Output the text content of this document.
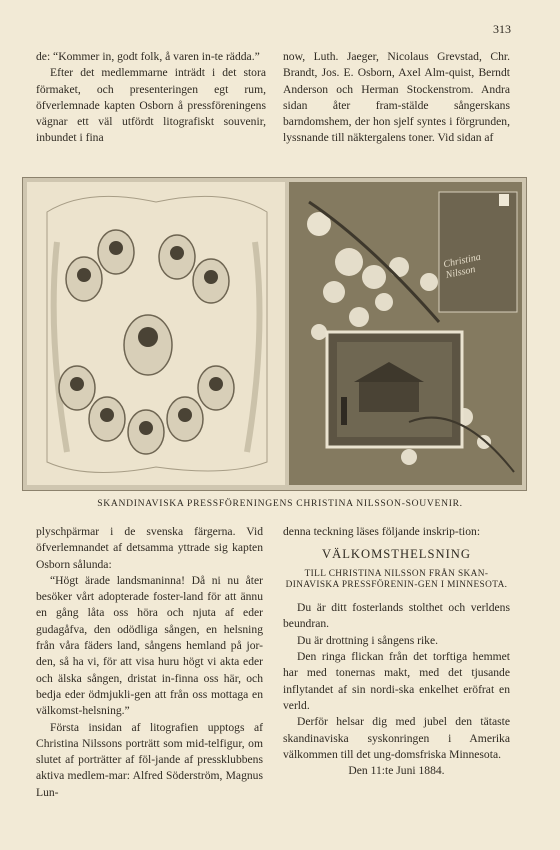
313

de: “Kommer in, godt folk, å varen in-te rädda.”

Efter det medlemmarne inträdt i det stora förmaket, och presenteringen egt rum, öfverlemnade kapten Osborn å pressföreningens vägnar ett väl utfördt litografiskt souvenir, inbundet i fina

now, Luth. Jaeger, Nicolaus Grevstad, Chr. Brandt, Jos. E. Osborn, Axel Alm-quist, Berndt Anderson och Herman Stockenstrom. Andra sidan åter fram-stälde sångerskans barndomshem, der hon sjelf syntes i förgrunden, lyssnande till näktergalens toner. Vid sidan af

Christina Nilsson
SKANDINAVISKA PRESSFÖRENINGENS CHRISTINA NILSSON-SOUVENIR.

plyschpärmar i de svenska färgerna. Vid öfverlemnandet af detsamma yttrade sig kapten Osborn sålunda:

“Högt ärade landsmaninna! Då ni nu åter besöker vårt adopterade foster-land för att ännu en gång låta oss höra och njuta af eder gudagåfva, den odödliga sången, en helsning från våra fäders land, sångens hemland på jor-den, så ha vi, för att visa huru högt vi akta eder och älska sången, dristat in-finna oss här, och bedja eder ödmjukli-gen att från oss mottaga en välkomst-helsning.”

Första insidan af litografien upptogs af Christina Nilssons porträtt som mid-telfigur, om slutet af porträtter af föl-jande af pressklubbens aktiva medlem-mar: Alfred Söderström, Magnus Lun-

denna teckning läses följande inskrip-tion:

VÄLKOMSTHELSNING

TILL CHRISTINA NILSSON FRÅN SKAN-DINAVISKA PRESSFÖRENIN-GEN I MINNESOTA.

Du är ditt fosterlands stolthet och verldens beundran.

Du är drottning i sångens rike.

Den ringa flickan från det torftiga hemmet har med tonernas makt, med det tjusande inflytandet af sin nordi-ska enkelhet eröfrat en verld.

Derför helsar dig med jubel den tätaste skandinaviska syskonringen i Amerika välkommen till det ung-domsfriska Minnesota.

Den 11:te Juni 1884.
